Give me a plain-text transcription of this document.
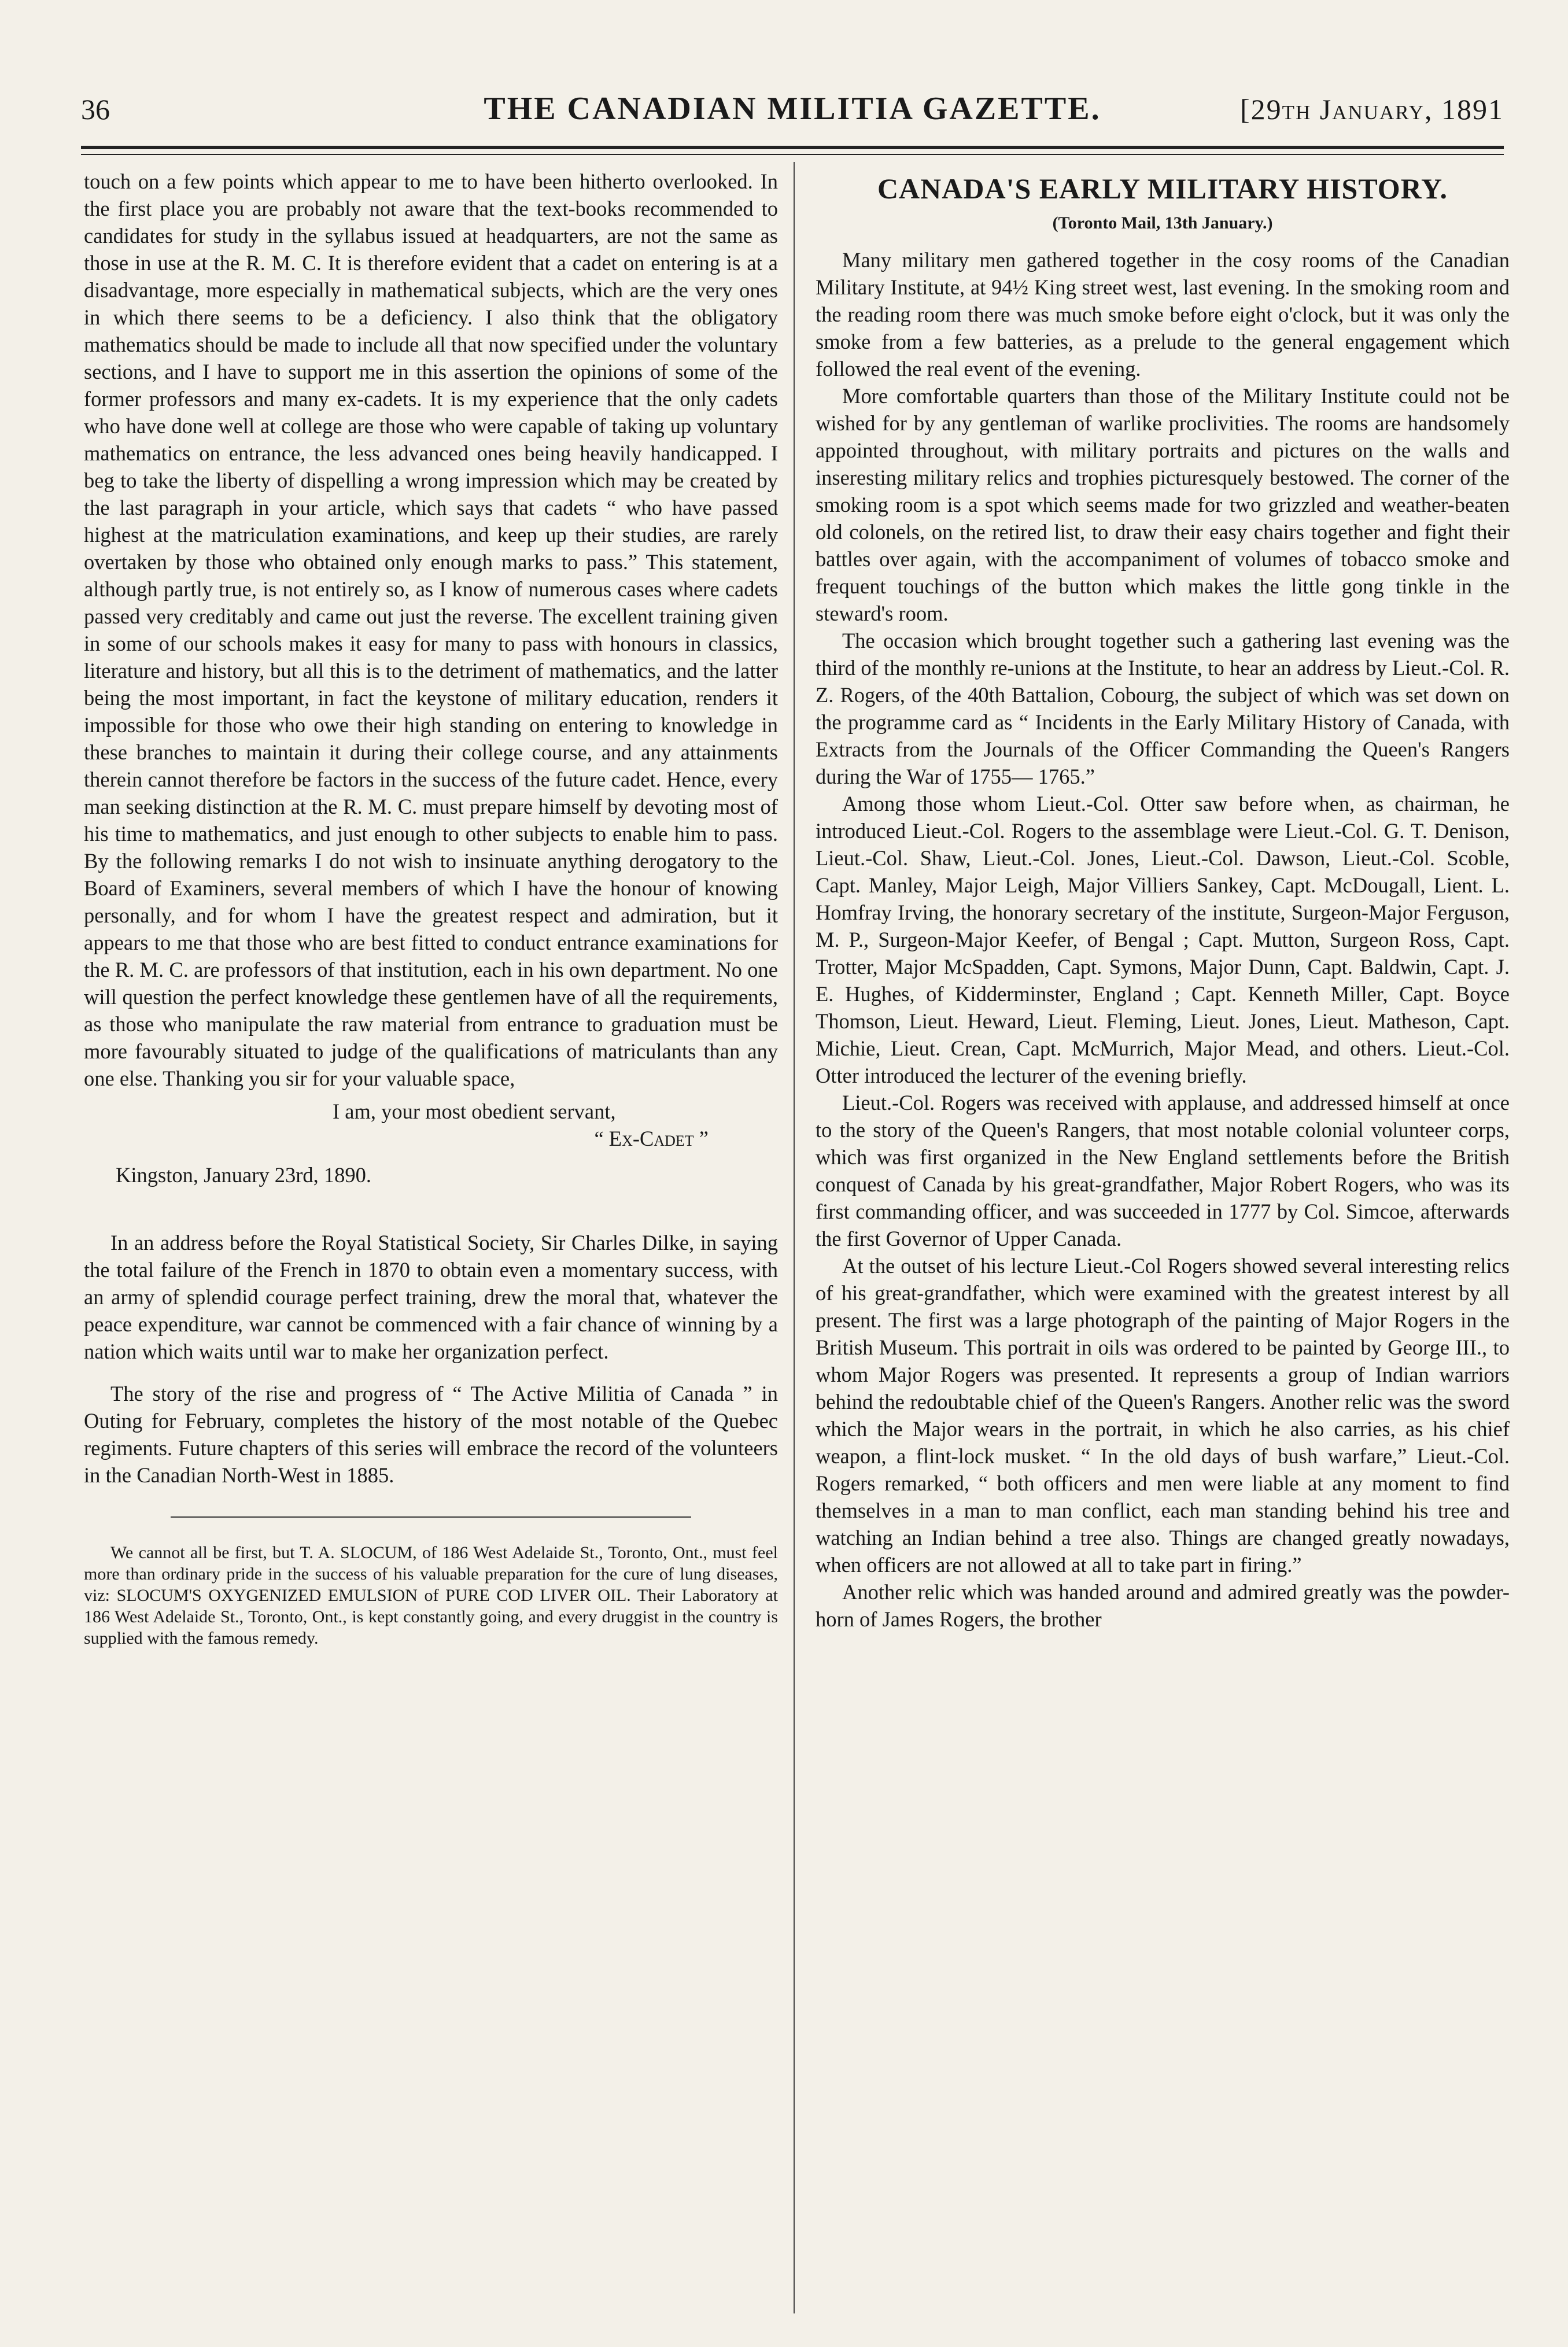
36	THE CANADIAN MILITIA GAZETTE.	[29th January, 1891

touch on a few points which appear to me to have been hitherto overlooked. In the first place you are probably not aware that the text-books recommended to candidates for study in the syllabus issued at headquarters, are not the same as those in use at the R. M. C. It is therefore evident that a cadet on entering is at a disadvantage, more especially in mathematical subjects, which are the very ones in which there seems to be a deficiency. I also think that the obligatory mathematics should be made to include all that now specified under the voluntary sections, and I have to support me in this assertion the opinions of some of the former professors and many ex-cadets. It is my experience that the only cadets who have done well at college are those who were capable of taking up voluntary mathematics on entrance, the less advanced ones being heavily handicapped. I beg to take the liberty of dispelling a wrong impression which may be created by the last paragraph in your article, which says that cadets “ who have passed highest at the matriculation examinations, and keep up their studies, are rarely overtaken by those who obtained only enough marks to pass.” This statement, although partly true, is not entirely so, as I know of numerous cases where cadets passed very creditably and came out just the reverse. The excellent training given in some of our schools makes it easy for many to pass with honours in classics, literature and history, but all this is to the detriment of mathematics, and the latter being the most important, in fact the keystone of military education, renders it impossible for those who owe their high standing on entering to knowledge in these branches to maintain it during their college course, and any attainments therein cannot therefore be factors in the success of the future cadet. Hence, every man seeking distinction at the R. M. C. must prepare himself by devoting most of his time to mathematics, and just enough to other subjects to enable him to pass. By the following remarks I do not wish to insinuate anything derogatory to the Board of Examiners, several members of which I have the honour of knowing personally, and for whom I have the greatest respect and admiration, but it appears to me that those who are best fitted to conduct entrance examinations for the R. M. C. are professors of that institution, each in his own department. No one will question the perfect knowledge these gentlemen have of all the requirements, as those who manipulate the raw material from entrance to graduation must be more favourably situated to judge of the qualifications of matriculants than any one else. Thanking you sir for your valuable space,

I am, your most obedient servant,
“ Ex-Cadet ”
Kingston, January 23rd, 1890.

In an address before the Royal Statistical Society, Sir Charles Dilke, in saying the total failure of the French in 1870 to obtain even a momentary success, with an army of splendid courage perfect training, drew the moral that, whatever the peace expenditure, war cannot be commenced with a fair chance of winning by a nation which waits until war to make her organization perfect.

The story of the rise and progress of “ The Active Militia of Canada ” in Outing for February, completes the history of the most notable of the Quebec regiments. Future chapters of this series will embrace the record of the volunteers in the Canadian North-West in 1885.

We cannot all be first, but T. A. SLOCUM, of 186 West Adelaide St., Toronto, Ont., must feel more than ordinary pride in the success of his valuable preparation for the cure of lung diseases, viz: SLOCUM'S OXYGENIZED EMULSION of PURE COD LIVER OIL. Their Laboratory at 186 West Adelaide St., Toronto, Ont., is kept constantly going, and every druggist in the country is supplied with the famous remedy.

CANADA'S EARLY MILITARY HISTORY.
(Toronto Mail, 13th January.)

Many military men gathered together in the cosy rooms of the Canadian Military Institute, at 94½ King street west, last evening. In the smoking room and the reading room there was much smoke before eight o'clock, but it was only the smoke from a few batteries, as a prelude to the general engagement which followed the real event of the evening.

More comfortable quarters than those of the Military Institute could not be wished for by any gentleman of warlike proclivities. The rooms are handsomely appointed throughout, with military portraits and pictures on the walls and inseresting military relics and trophies picturesquely bestowed. The corner of the smoking room is a spot which seems made for two grizzled and weather-beaten old colonels, on the retired list, to draw their easy chairs together and fight their battles over again, with the accompaniment of volumes of tobacco smoke and frequent touchings of the button which makes the little gong tinkle in the steward's room.

The occasion which brought together such a gathering last evening was the third of the monthly re-unions at the Institute, to hear an address by Lieut.-Col. R. Z. Rogers, of the 40th Battalion, Cobourg, the subject of which was set down on the programme card as “ Incidents in the Early Military History of Canada, with Extracts from the Journals of the Officer Commanding the Queen's Rangers during the War of 1755— 1765.”

Among those whom Lieut.-Col. Otter saw before when, as chairman, he introduced Lieut.-Col. Rogers to the assemblage were Lieut.-Col. G. T. Denison, Lieut.-Col. Shaw, Lieut.-Col. Jones, Lieut.-Col. Dawson, Lieut.-Col. Scoble, Capt. Manley, Major Leigh, Major Villiers Sankey, Capt. McDougall, Lient. L. Homfray Irving, the honorary secretary of the institute, Surgeon-Major Ferguson, M. P., Surgeon-Major Keefer, of Bengal ; Capt. Mutton, Surgeon Ross, Capt. Trotter, Major McSpadden, Capt. Symons, Major Dunn, Capt. Baldwin, Capt. J. E. Hughes, of Kidderminster, England ; Capt. Kenneth Miller, Capt. Boyce Thomson, Lieut. Heward, Lieut. Fleming, Lieut. Jones, Lieut. Matheson, Capt. Michie, Lieut. Crean, Capt. McMurrich, Major Mead, and others. Lieut.-Col. Otter introduced the lecturer of the evening briefly.

Lieut.-Col. Rogers was received with applause, and addressed himself at once to the story of the Queen's Rangers, that most notable colonial volunteer corps, which was first organized in the New England settlements before the British conquest of Canada by his great-grandfather, Major Robert Rogers, who was its first commanding officer, and was succeeded in 1777 by Col. Simcoe, afterwards the first Governor of Upper Canada.

At the outset of his lecture Lieut.-Col Rogers showed several interesting relics of his great-grandfather, which were examined with the greatest interest by all present. The first was a large photograph of the painting of Major Rogers in the British Museum. This portrait in oils was ordered to be painted by George III., to whom Major Rogers was presented. It represents a group of Indian warriors behind the redoubtable chief of the Queen's Rangers. Another relic was the sword which the Major wears in the portrait, in which he also carries, as his chief weapon, a flint-lock musket. “ In the old days of bush warfare,” Lieut.-Col. Rogers remarked, “ both officers and men were liable at any moment to find themselves in a man to man conflict, each man standing behind his tree and watching an Indian behind a tree also. Things are changed greatly nowadays, when officers are not allowed at all to take part in firing.”

Another relic which was handed around and admired greatly was the powder-horn of James Rogers, the brother
